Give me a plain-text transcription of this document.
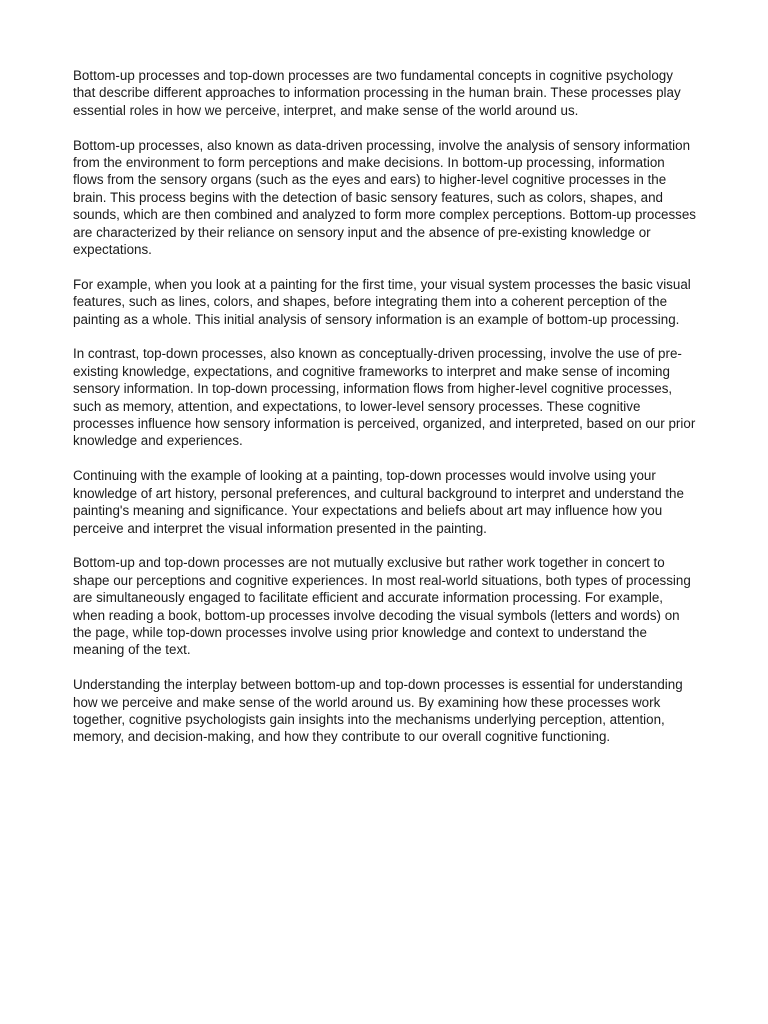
Bottom-up processes and top-down processes are two fundamental concepts in cognitive psychology that describe different approaches to information processing in the human brain. These processes play essential roles in how we perceive, interpret, and make sense of the world around us.

Bottom-up processes, also known as data-driven processing, involve the analysis of sensory information from the environment to form perceptions and make decisions. In bottom-up processing, information flows from the sensory organs (such as the eyes and ears) to higher-level cognitive processes in the brain. This process begins with the detection of basic sensory features, such as colors, shapes, and sounds, which are then combined and analyzed to form more complex perceptions. Bottom-up processes are characterized by their reliance on sensory input and the absence of pre-existing knowledge or expectations.

For example, when you look at a painting for the first time, your visual system processes the basic visual features, such as lines, colors, and shapes, before integrating them into a coherent perception of the painting as a whole. This initial analysis of sensory information is an example of bottom-up processing.

In contrast, top-down processes, also known as conceptually-driven processing, involve the use of pre-existing knowledge, expectations, and cognitive frameworks to interpret and make sense of incoming sensory information. In top-down processing, information flows from higher-level cognitive processes, such as memory, attention, and expectations, to lower-level sensory processes. These cognitive processes influence how sensory information is perceived, organized, and interpreted, based on our prior knowledge and experiences.

Continuing with the example of looking at a painting, top-down processes would involve using your knowledge of art history, personal preferences, and cultural background to interpret and understand the painting's meaning and significance. Your expectations and beliefs about art may influence how you perceive and interpret the visual information presented in the painting.

Bottom-up and top-down processes are not mutually exclusive but rather work together in concert to shape our perceptions and cognitive experiences. In most real-world situations, both types of processing are simultaneously engaged to facilitate efficient and accurate information processing. For example, when reading a book, bottom-up processes involve decoding the visual symbols (letters and words) on the page, while top-down processes involve using prior knowledge and context to understand the meaning of the text.

Understanding the interplay between bottom-up and top-down processes is essential for understanding how we perceive and make sense of the world around us. By examining how these processes work together, cognitive psychologists gain insights into the mechanisms underlying perception, attention, memory, and decision-making, and how they contribute to our overall cognitive functioning.
